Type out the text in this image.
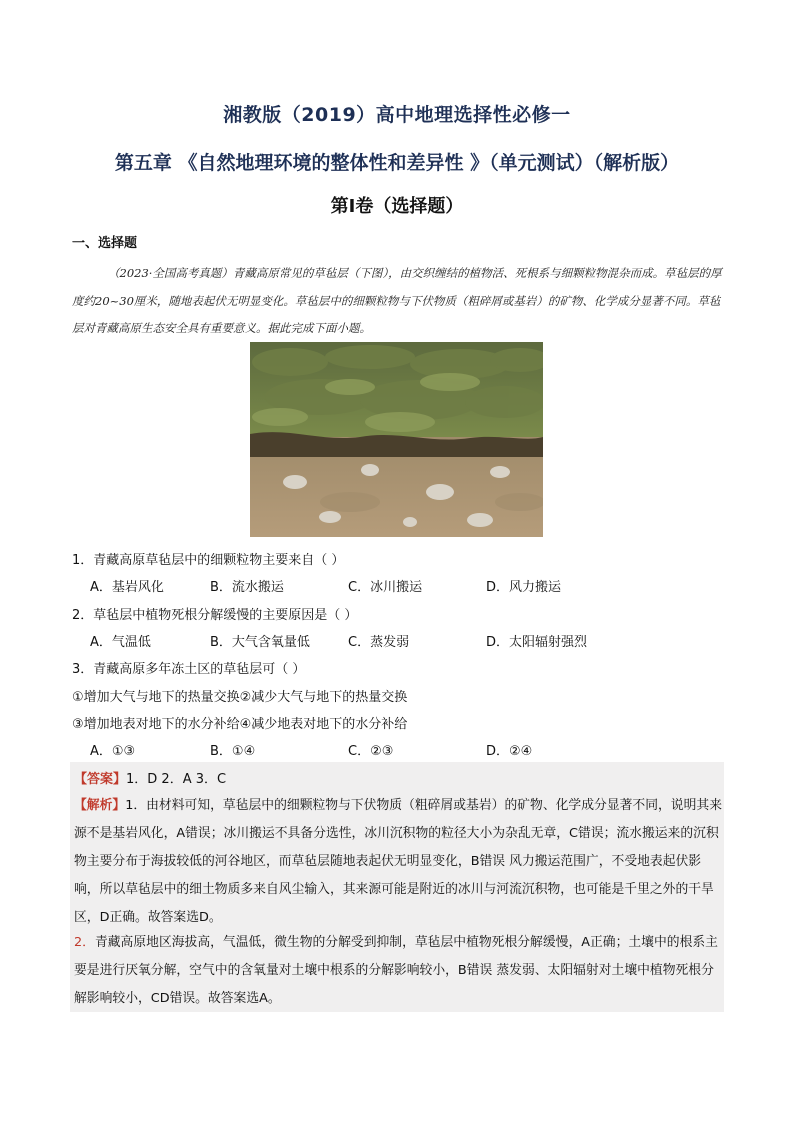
湘教版（2019）高中地理选择性必修一
第五章 《自然地理环境的整体性和差异性 》（单元测试）（解析版）
第Ⅰ卷（选择题）
一、选择题
（2023·全国高考真题）青藏高原常见的草毡层（下图），由交织缠结的植物活、死根系与细颗粒物混杂而成。草毡层的厚度约20~30厘米，随地表起伏无明显变化。草毡层中的细颗粒物与下伏物质（粗碎屑或基岩）的矿物、化学成分显著不同。草毡层对青藏高原生态安全具有重要意义。据此完成下面小题。
1．青藏高原草毡层中的细颗粒物主要来自（ ）
A．基岩风化	B．流水搬运	C．冰川搬运	D．风力搬运
2．草毡层中植物死根分解缓慢的主要原因是（ ）
A．气温低	B．大气含氧量低	C．蒸发弱	D．太阳辐射强烈
3．青藏高原多年冻土区的草毡层可（ ）
①增加大气与地下的热量交换②减少大气与地下的热量交换
③增加地表对地下的水分补给④减少地表对地下的水分补给
A．①③	B．①④	C．②③	D．②④
【答案】1．D 2．A 3．C
【解析】1．由材料可知，草毡层中的细颗粒物与下伏物质（粗碎屑或基岩）的矿物、化学成分显著不同，说明其来源不是基岩风化，A错误；冰川搬运不具备分选性，冰川沉积物的粒径大小为杂乱无章，C错误；流水搬运来的沉积物主要分布于海拔较低的河谷地区，而草毡层随地表起伏无明显变化，B错误 风力搬运范围广，不受地表起伏影响，所以草毡层中的细土物质多来自风尘输入，其来源可能是附近的冰川与河流沉积物，也可能是千里之外的干旱区，D正确。故答案选D。
2．青藏高原地区海拔高，气温低，微生物的分解受到抑制，草毡层中植物死根分解缓慢，A正确；土壤中的根系主要是进行厌氧分解，空气中的含氧量对土壤中根系的分解影响较小，B错误 蒸发弱、太阳辐射对土壤中植物死根分解影响较小，CD错误。故答案选A。
